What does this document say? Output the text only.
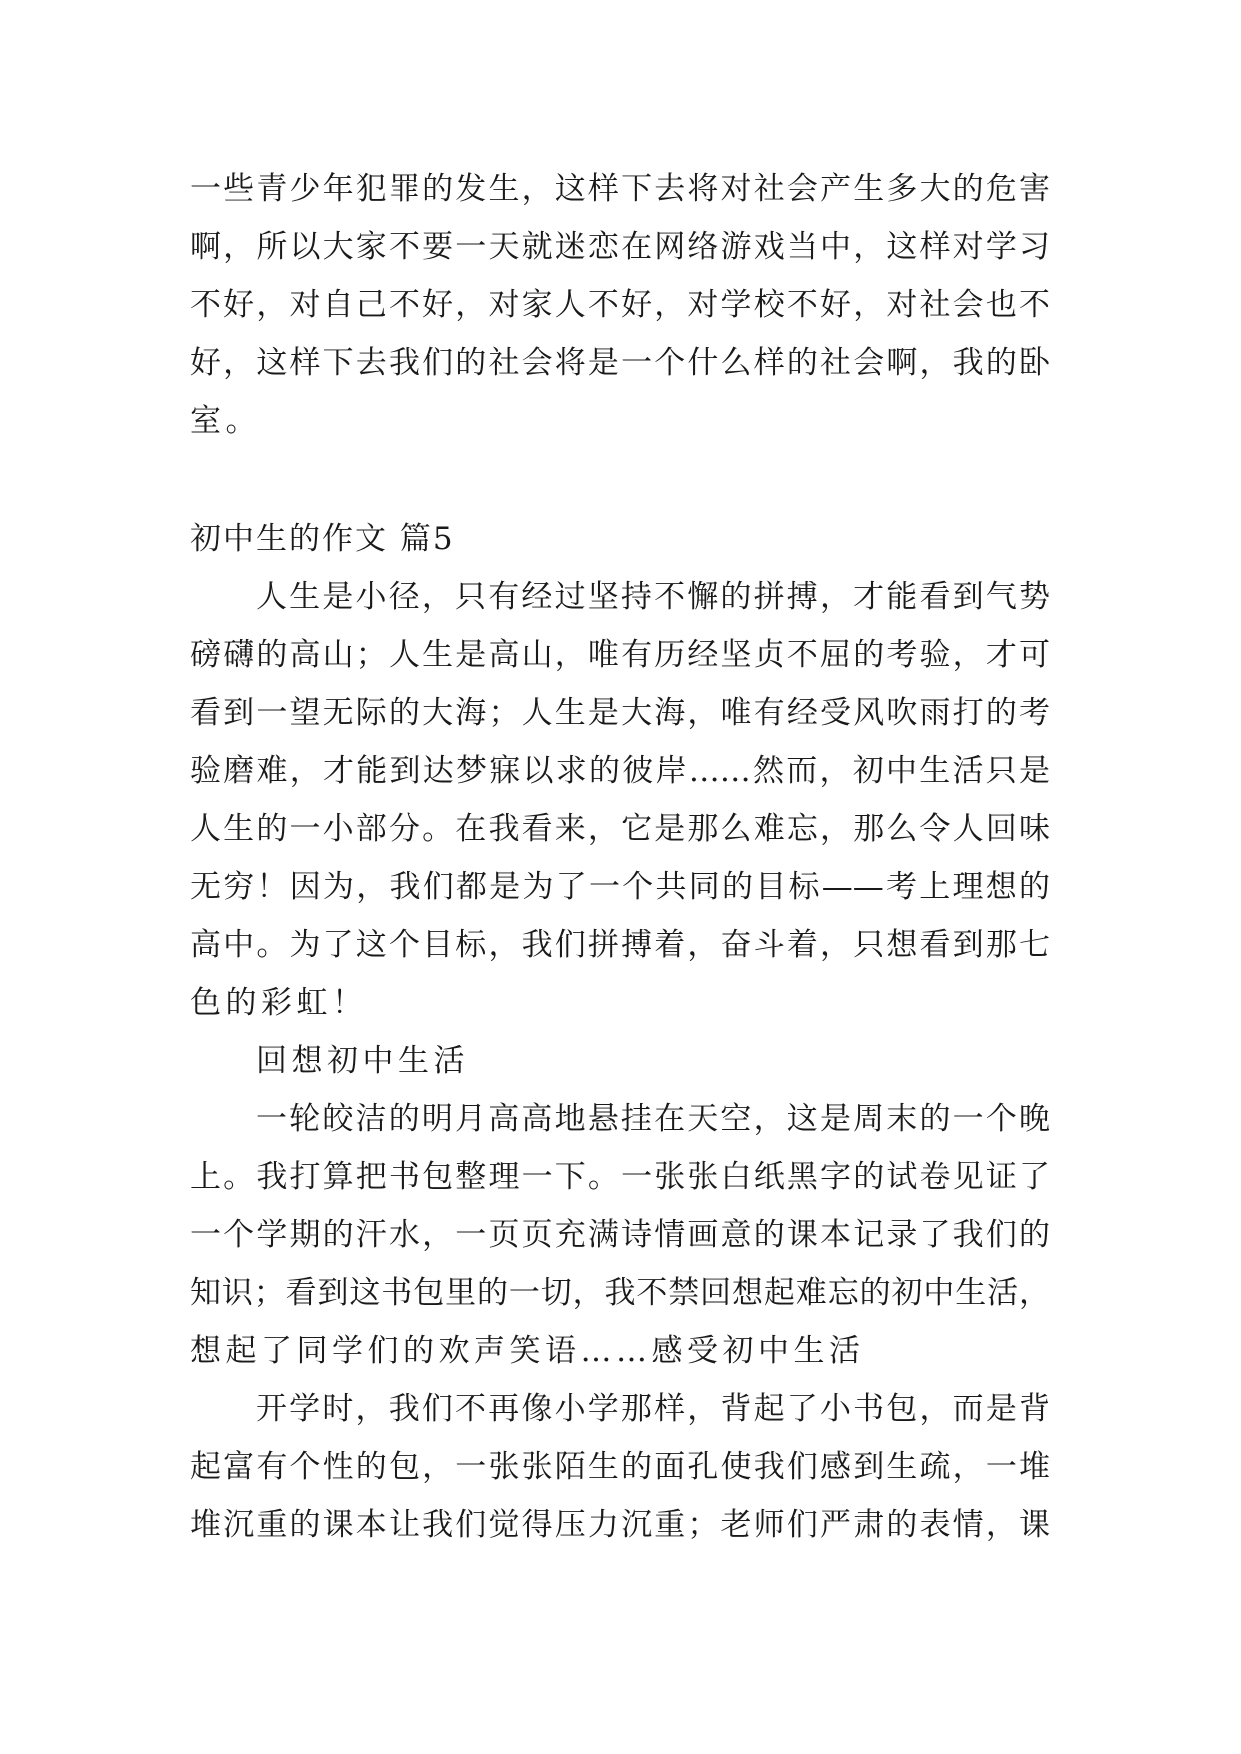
一些青少年犯罪的发生，这样下去将对社会产生多大的危害
啊，所以大家不要一天就迷恋在网络游戏当中，这样对学习
不好，对自己不好，对家人不好，对学校不好，对社会也不
好，这样下去我们的社会将是一个什么样的社会啊，我的卧
室。
初中生的作文 篇5
人生是小径，只有经过坚持不懈的拼搏，才能看到气势
磅礴的高山；人生是高山，唯有历经坚贞不屈的考验，才可
看到一望无际的大海；人生是大海，唯有经受风吹雨打的考
验磨难，才能到达梦寐以求的彼岸……然而，初中生活只是
人生的一小部分。在我看来，它是那么难忘，那么令人回味
无穷！因为，我们都是为了一个共同的目标——考上理想的
高中。为了这个目标，我们拼搏着，奋斗着，只想看到那七
色的彩虹！
回想初中生活
一轮皎洁的明月高高地悬挂在天空，这是周末的一个晚
上。我打算把书包整理一下。一张张白纸黑字的试卷见证了
一个学期的汗水，一页页充满诗情画意的课本记录了我们的
知识；看到这书包里的一切，我不禁回想起难忘的初中生活，
想起了同学们的欢声笑语……感受初中生活
开学时，我们不再像小学那样，背起了小书包，而是背
起富有个性的包，一张张陌生的面孔使我们感到生疏，一堆
堆沉重的课本让我们觉得压力沉重；老师们严肃的表情，课
